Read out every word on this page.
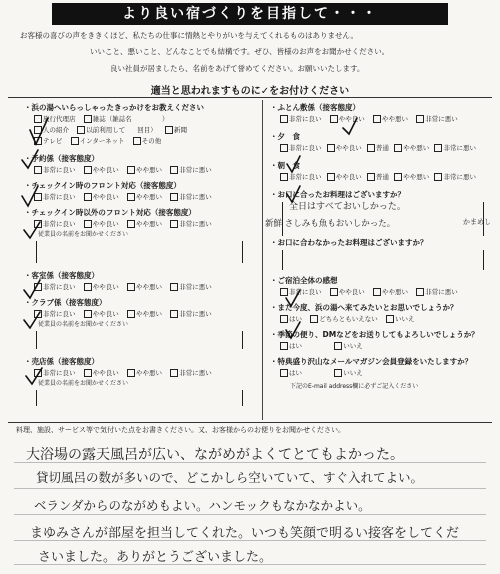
より良い宿づくりを目指して・・・
お客様の喜びの声をききくほど、私たちの仕事に情熱とやりがいを与えてくれるものはありません。
いいこと、悪いこと、どんなことでも結構です。ぜひ、皆様のお声をお聞かせください。
良い社員が居ましたら、名前をあげて誉めてください。お願いいたします。
適当と思われますものに✓をお付けください
・浜の湯へいらっしゃったきっかけをお教えください
旅行代理店	雑誌（雑誌名	）
人の紹介	以前利用して 回目）	新聞
テレビ	インターネット	その他
・予約係（接客態度）
非常に良い	やや良い	やや悪い	非常に悪い
・チェックイン時のフロント対応（接客態度）
非常に良い	やや良い	やや悪い	非常に悪い
・チェックイン時以外のフロント対応（接客態度）
非常に良い	やや良い	やや悪い	非常に悪い
従業員の名前をお聞かせください
・客室係（接客態度）
非常に良い	やや良い	やや悪い	非常に悪い
・クラブ係（接客態度）
非常に良い	やや良い	やや悪い	非常に悪い
従業員の名前をお聞かせください
・売店係（接客態度）
非常に良い	やや良い	やや悪い	非常に悪い
従業員の名前をお聞かせください
・ふとん敷係（接客態度）
非常に良い	やや良い	やや悪い	非常に悪い
・夕　食
非常に良い やや良い 普通 やや悪い 非常に悪い
・朝　食
非常に良い やや良い 普通 やや悪い 非常に悪い
・お口に合ったお料理はございますか？
全日はすべておいしかった。
新鮮 さしみも魚もおいしかった。	かまめし
・お口に合わなかったお料理はございますか？
・ご宿泊全体の感想
非常に良い	やや良い	やや悪い	非常に悪い
・また今度、浜の湯へ来てみたいとお思いでしょうか？
はい	どちらともいえない	いいえ
・季節の便り、DMなどをお送りしてもよろしいでしょうか？
はい	いいえ
・特典盛り沢山なメールマガジン会員登録をいたしますか？
はい	いいえ
下記のE-mail address欄に必ずご記入ください
料理、施設、サービス等で気付いた点をお書きください。又、お客様からのお便りをお聞かせください。
大浴場の露天風呂が広い、ながめがよくてとてもよかった。
貸切風呂の数が多いので、どこかしら空いていて、すぐ入れてよい。
ベランダからのながめもよい。ハンモックもなかなかよい。
まゆみさんが部屋を担当してくれた。いつも笑顔で明るい接客をしてくだ
さいました。ありがとうございました。
